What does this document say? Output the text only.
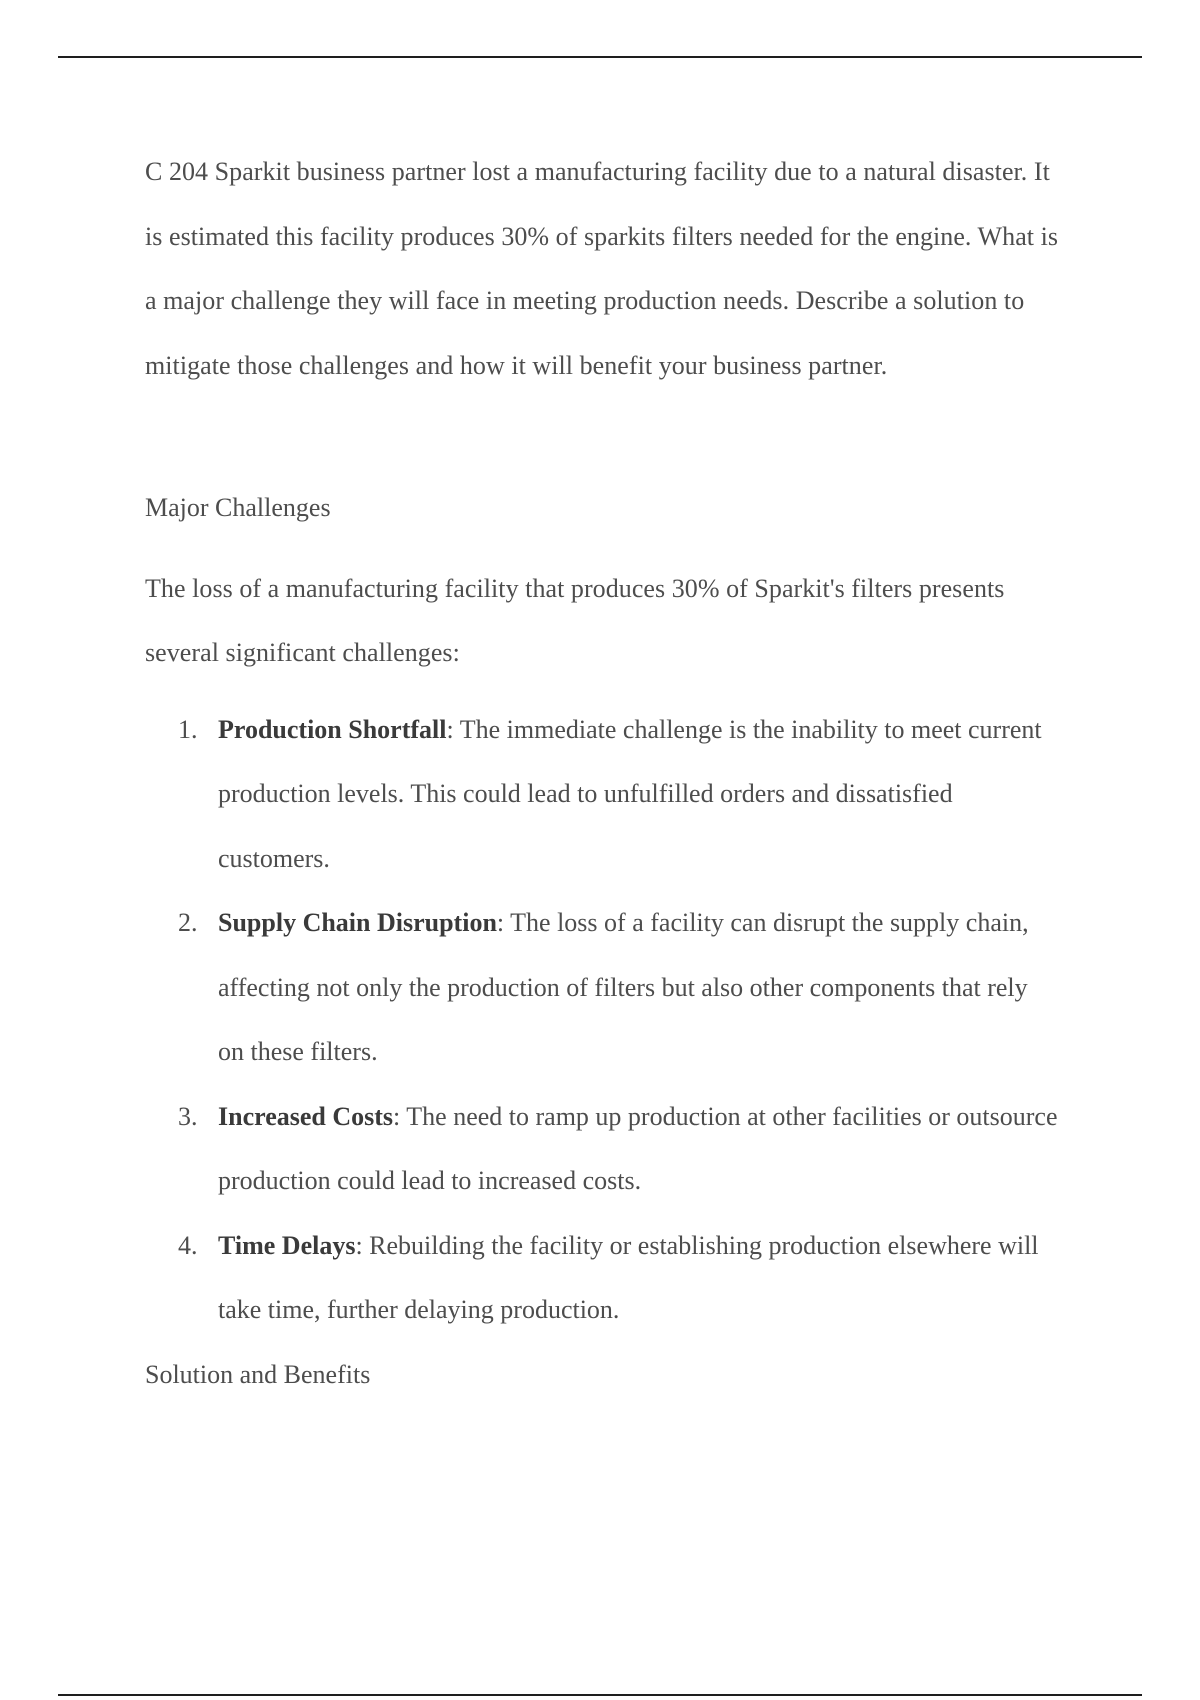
C 204 Sparkit business partner lost a manufacturing facility due to a natural disaster. It is estimated this facility produces 30% of sparkits filters needed for the engine. What is a major challenge they will face in meeting production needs. Describe a solution to mitigate those challenges and how it will benefit your business partner.

Major Challenges

The loss of a manufacturing facility that produces 30% of Sparkit's filters presents several significant challenges:

1. Production Shortfall: The immediate challenge is the inability to meet current production levels. This could lead to unfulfilled orders and dissatisfied customers.
2. Supply Chain Disruption: The loss of a facility can disrupt the supply chain, affecting not only the production of filters but also other components that rely on these filters.
3. Increased Costs: The need to ramp up production at other facilities or outsource production could lead to increased costs.
4. Time Delays: Rebuilding the facility or establishing production elsewhere will take time, further delaying production.

Solution and Benefits
